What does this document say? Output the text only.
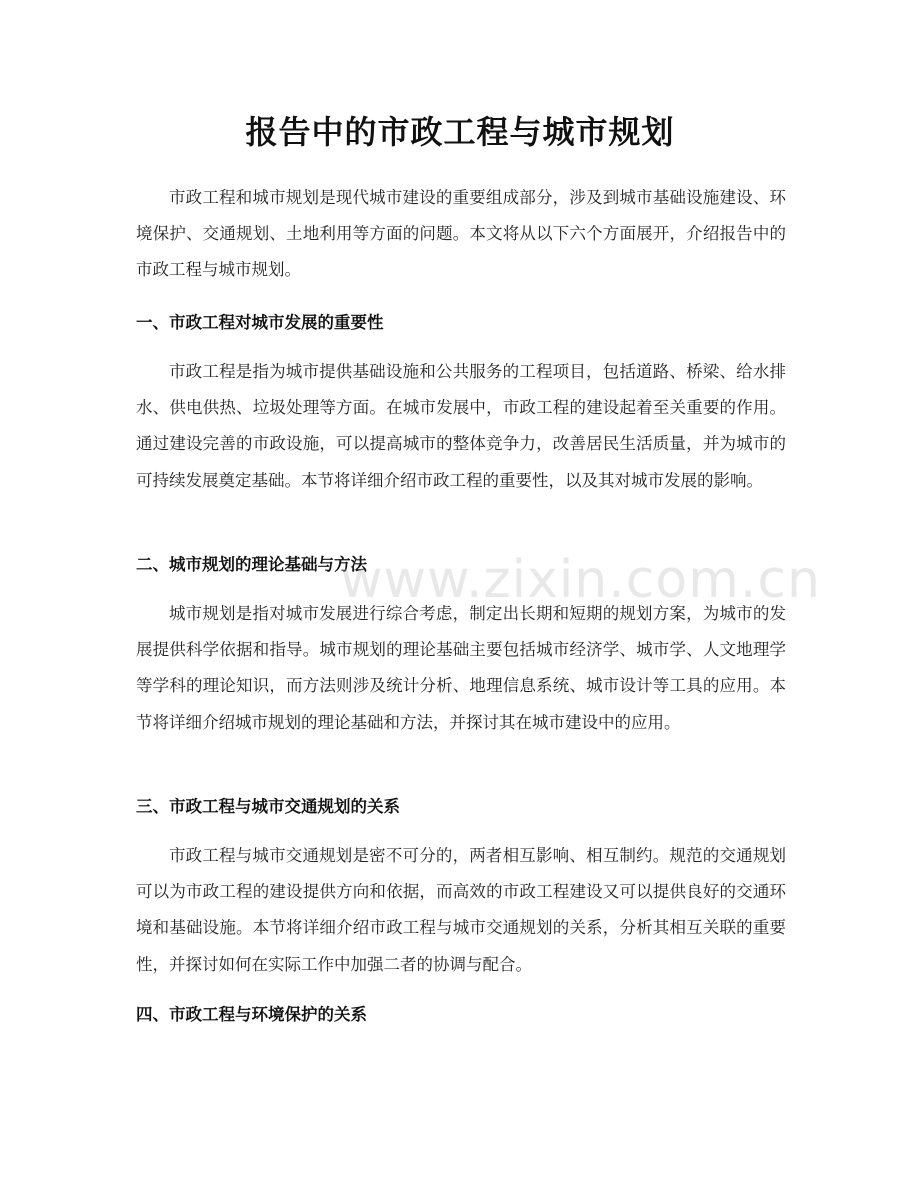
报告中的市政工程与城市规划

市政工程和城市规划是现代城市建设的重要组成部分，涉及到城市基础设施建设、环境保护、交通规划、土地利用等方面的问题。本文将从以下六个方面展开，介绍报告中的市政工程与城市规划。

一、市政工程对城市发展的重要性

市政工程是指为城市提供基础设施和公共服务的工程项目，包括道路、桥梁、给水排水、供电供热、垃圾处理等方面。在城市发展中，市政工程的建设起着至关重要的作用。通过建设完善的市政设施，可以提高城市的整体竞争力，改善居民生活质量，并为城市的可持续发展奠定基础。本节将详细介绍市政工程的重要性，以及其对城市发展的影响。

二、城市规划的理论基础与方法

城市规划是指对城市发展进行综合考虑，制定出长期和短期的规划方案，为城市的发展提供科学依据和指导。城市规划的理论基础主要包括城市经济学、城市学、人文地理学等学科的理论知识，而方法则涉及统计分析、地理信息系统、城市设计等工具的应用。本节将详细介绍城市规划的理论基础和方法，并探讨其在城市建设中的应用。

三、市政工程与城市交通规划的关系

市政工程与城市交通规划是密不可分的，两者相互影响、相互制约。规范的交通规划可以为市政工程的建设提供方向和依据，而高效的市政工程建设又可以提供良好的交通环境和基础设施。本节将详细介绍市政工程与城市交通规划的关系，分析其相互关联的重要性，并探讨如何在实际工作中加强二者的协调与配合。

四、市政工程与环境保护的关系
www.zixin.com.cn
